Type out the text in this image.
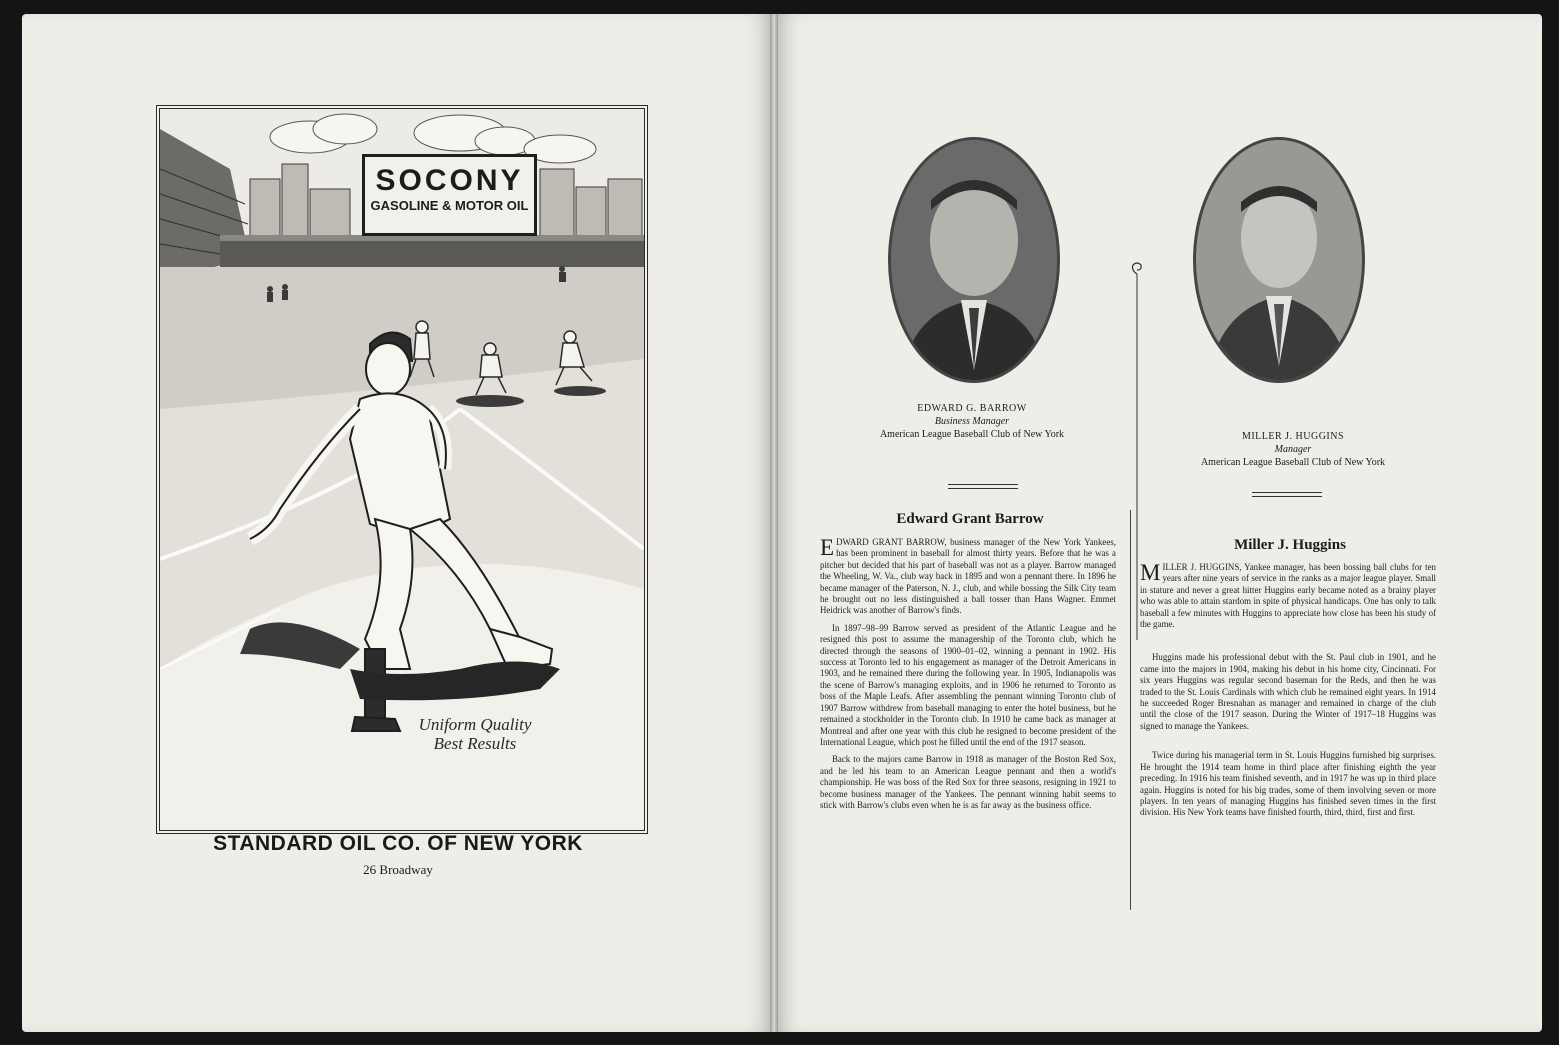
SOCONY
GASOLINE & MOTOR OIL
Uniform Quality
Best Results
STANDARD OIL CO. OF NEW YORK
26 Broadway
EDWARD G. BARROW
Business Manager
American League Baseball Club of New York	MILLER J. HUGGINS
Manager
American League Baseball Club of New York
Edward Grant Barrow
Miller J. Huggins

EDWARD GRANT BARROW, business manager of the New York Yankees, has been prominent in baseball for almost thirty years. Before that he was a pitcher but decided that his part of baseball was not as a player. Barrow managed the Wheeling, W. Va., club way back in 1895 and won a pennant there. In 1896 he became manager of the Paterson, N. J., club, and while bossing the Silk City team he brought out no less distinguished a ball tosser than Hans Wagner. Emmet Heidrick was another of Barrow's finds.

In 1897–98–99 Barrow served as president of the Atlantic League and he resigned this post to assume the managership of the Toronto club, which he directed through the seasons of 1900–01–02, winning a pennant in 1902. His success at Toronto led to his engagement as manager of the Detroit Americans in 1903, and he remained there during the following year. In 1905, Indianapolis was the scene of Barrow's managing exploits, and in 1906 he returned to Toronto as boss of the Maple Leafs. After assembling the pennant winning Toronto club of 1907 Barrow withdrew from baseball managing to enter the hotel business, but he remained a stockholder in the Toronto club. In 1910 he came back as manager at Montreal and after one year with this club he resigned to become president of the International League, which post he filled until the end of the 1917 season.

Back to the majors came Barrow in 1918 as manager of the Boston Red Sox, and he led his team to an American League pennant and then a world's championship. He was boss of the Red Sox for three seasons, resigning in 1921 to become business manager of the Yankees. The pennant winning habit seems to stick with Barrow's clubs even when he is as far away as the business office.

MILLER J. HUGGINS, Yankee manager, has been bossing ball clubs for ten years after nine years of service in the ranks as a major league player. Small in stature and never a great hitter Huggins early became noted as a brainy player who was able to attain stardom in spite of physical handicaps. One has only to talk baseball a few minutes with Huggins to appreciate how close has been his study of the game.

Huggins made his professional debut with the St. Paul club in 1901, and he came into the majors in 1904, making his debut in his home city, Cincinnati. For six years Huggins was regular second baseman for the Reds, and then he was traded to the St. Louis Cardinals with which club he remained eight years. In 1914 he succeeded Roger Bresnahan as manager and remained in charge of the club until the close of the 1917 season. During the Winter of 1917–18 Huggins was signed to manage the Yankees.

Twice during his managerial term in St. Louis Huggins furnished big surprises. He brought the 1914 team home in third place after finishing eighth the year preceding. In 1916 his team finished seventh, and in 1917 he was up in third place again. Huggins is noted for his big trades, some of them involving seven or more players. In ten years of managing Huggins has finished seven times in the first division. His New York teams have finished fourth, third, third, first and first.
